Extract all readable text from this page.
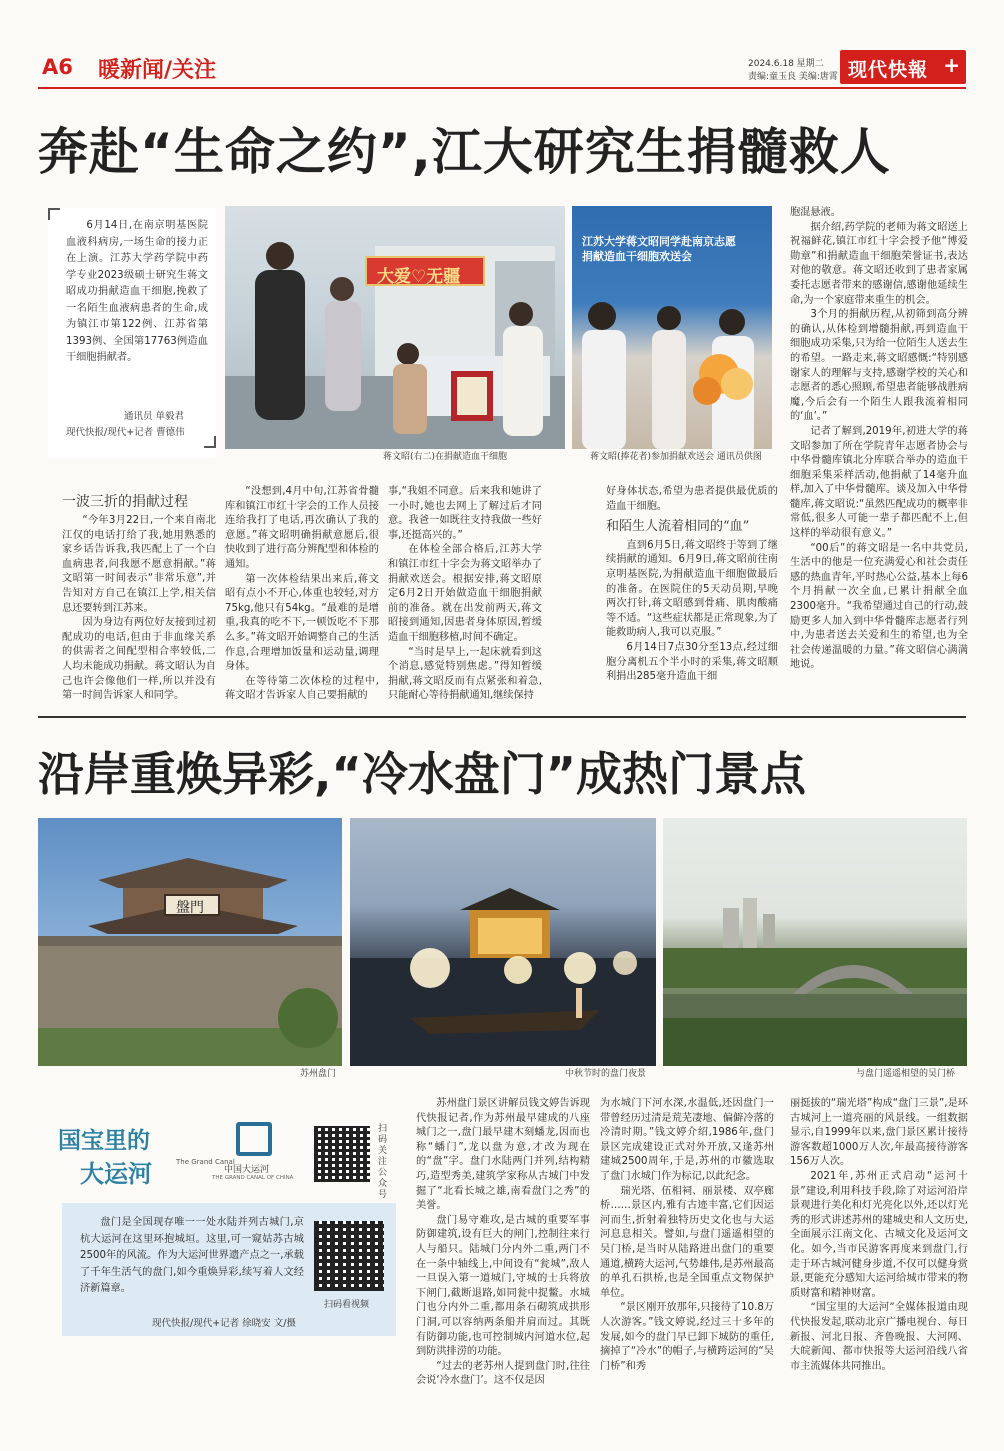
A6 暖新闻/关注	2024.6.18 星期二
责编:童玉良 美编:唐霄 现代快報 +
奔赴“生命之约”,江大研究生捐髓救人

6月14日,在南京明基医院血液科病房,一场生命的接力正在上演。江苏大学药学院中药学专业2023级硕士研究生蒋文昭成功捐献造血干细胞,挽救了一名陌生血液病患者的生命,成为镇江市第122例、江苏省第1393例、全国第17763例造血干细胞捐献者。

通讯员 单毅君
现代快报/现代+记者 曹德伟
大爱♡无疆
蒋文昭(右二)在捐献造血干细胞
江苏大学蒋文昭同学赴南京志愿
捐献造血干细胞欢送会
蒋文昭(捧花者)参加捐献欢送会 通讯员供图
一波三折的捐献过程

“今年3月22日,一个来自南北江仅的电话打给了我,她用熟悉的家乡话告诉我,我匹配上了一个白血病患者,问我愿不愿意捐献。”蒋文昭第一时间表示“非常乐意”,并告知对方自己在镇江上学,相关信息还要转到江苏来。

因为身边有两位好友接到过初配成功的电话,但由于非血缘关系的供需者之间配型相合率较低,二人均未能成功捐献。蒋文昭认为自己也许会像他们一样,所以并没有第一时间告诉家人和同学。

“没想到,4月中旬,江苏省骨髓库和镇江市红十字会的工作人员接连给我打了电话,再次确认了我的意愿。”蒋文昭明确捐献意愿后,很快收到了进行高分辨配型和体检的通知。

第一次体检结果出来后,蒋文昭有点小不开心,体重也较轻,对方75kg,他只有54kg。“最难的是增重,我真的吃不下,一顿饭吃不下那么多。”蒋文昭开始调整自己的生活作息,合理增加饭量和运动量,调理身体。

在等待第二次体检的过程中,蒋文昭才告诉家人自己要捐献的

事,“我姐不同意。后来我和她讲了一小时,她也去网上了解过后才同意。我爸一如既往支持我做一些好事,还挺高兴的。”

在体检全部合格后,江苏大学和镇江市红十字会为蒋文昭举办了捐献欢送会。根据安排,蒋文昭原定6月2日开始做造血干细胞捐献前的准备。就在出发前两天,蒋文昭接到通知,因患者身体原因,暂缓造血干细胞移植,时间不确定。

“当时是早上,一起床就看到这个消息,感觉特别焦虑。”得知暂缓捐献,蒋文昭反而有点紧张和着急,只能耐心等待捐献通知,继续保持

好身体状态,希望为患者提供最优质的造血干细胞。

和陌生人流着相同的“血”

直到6月5日,蒋文昭终于等到了继续捐献的通知。6月9日,蒋文昭前往南京明基医院,为捐献造血干细胞做最后的准备。在医院住的5天动员期,早晚两次打针,蒋文昭感到骨痛、肌肉酸痛等不适。“这些症状都是正常现象,为了能救助病人,我可以克服。”

6月14日7点30分至13点,经过细胞分离机五个半小时的采集,蒋文昭顺利捐出285毫升造血干细

胞混悬液。

据介绍,药学院的老师为蒋文昭送上祝福鲜花,镇江市红十字会授予他“博爱勋章”和捐献造血干细胞荣誉证书,表达对他的敬意。蒋文昭还收到了患者家属委托志愿者带来的感谢信,感谢他延续生命,为一个家庭带来重生的机会。

3个月的捐献历程,从初筛到高分辨的确认,从体检到增髓捐献,再到造血干细胞成功采集,只为给一位陌生人送去生的希望。一路走来,蒋文昭感慨:“特别感谢家人的理解与支持,感谢学校的关心和志愿者的悉心照顾,希望患者能够战胜病魔,今后会有一个陌生人跟我流着相同的‘血’。”

记者了解到,2019年,初进大学的蒋文昭参加了所在学院青年志愿者协会与中华骨髓库镇北分库联合举办的造血干细胞采集采样活动,他捐献了14毫升血样,加入了中华骨髓库。谈及加入中华骨髓库,蒋文昭说:“虽然匹配成功的概率非常低,很多人可能一辈子都匹配不上,但这样的举动很有意义。”

“00后”的蒋文昭是一名中共党员,生活中的他是一位充满爱心和社会责任感的热血青年,平时热心公益,基本上每6个月捐献一次全血,已累计捐献全血2300毫升。“我希望通过自己的行动,鼓励更多人加入到中华骨髓库志愿者行列中,为患者送去关爱和生的希望,也为全社会传递温暖的力量。”蒋文昭信心满满地说。

沿岸重焕异彩,“冷水盘门”成热门景点
盤門
苏州盘门	中秋节时的盘门夜景	与盘门遥遥相望的吴门桥
国宝里的
大运河	The Grand Canal
中国大运河
THE GRAND CANAL OF CHINA
扫码关注公众号

盘门是全国现存唯一一处水陆并列古城门,京杭大运河在这里环抱城垣。这里,可一窥姑苏古城2500年的风流。作为大运河世界遗产点之一,承载了千年生活气的盘门,如今重焕异彩,续写着人文经济新篇章。

扫码看视频
现代快报/现代+记者 徐晓安 文/摄

苏州盘门景区讲解员钱文婷告诉现代快报记者,作为苏州最早建成的八座城门之一,盘门最早建木刻蟠龙,因而也称“蟠门”,龙以盘为意,才改为现在的“盘”字。盘门水陆两门并列,结构精巧,造型秀美,建筑学家称从古城门中发掘了“北看长城之雄,南看盘门之秀”的美誉。

盘门易守难攻,是古城的重要军事防御建筑,设有巨大的闸门,控制往来行人与船只。陆城门分内外二重,两门不在一条中轴线上,中间设有“瓮城”,敌人一旦误入第一道城门,守城的士兵将放下闸门,截断退路,如同瓮中捉鳖。水城门也分内外二重,都用条石砌筑成拱形门洞,可以容纳两条船并肩而过。其既有防御功能,也可控制城内河道水位,起到防洪排涝的功能。

“过去的老苏州人提到盘门时,往往会说‘冷水盘门’。这不仅是因

为水城门下河水深,水温低,还因盘门一带曾经历过清是荒芜凄地、偏僻冷落的冷清时期。”钱文婷介绍,1986年,盘门景区完成建设正式对外开放,又逢苏州建城2500周年,于是,苏州的市徽选取了盘门水城门作为标记,以此纪念。

瑞光塔、伍相祠、丽景楼、双亭廊桥……景区内,雅有古迹丰富,它们因运河而生,折射着独特历史文化也与大运河息息相关。譬如,与盘门遥遥相望的吴门桥,是当时从陆路进出盘门的重要通道,横跨大运河,气势雄伟,是苏州最高的单孔石拱桥,也是全国重点文物保护单位。

“景区刚开放那年,只接待了10.8万人次游客。”钱文婷说,经过三十多年的发展,如今的盘门早已卸下城防的重任,摘掉了“冷水”的帽子,与横跨运河的“吴门桥”和秀

丽挺拔的“瑞光塔”构成“盘门三景”,是环古城河上一道亮丽的风景线。一组数据显示,自1999年以来,盘门景区累计接待游客数超1000万人次,年最高接待游客156万人次。

2021年,苏州正式启动“运河十景”建设,利用科技手段,除了对运河沿岸景观进行美化和灯光亮化以外,还以灯光秀的形式讲述苏州的建城史和人文历史,全面展示江南文化、古城文化及运河文化。如今,当市民游客再度来到盘门,行走于环古城河健身步道,不仅可以健身赏景,更能充分感知大运河给城市带来的物质财富和精神财富。

“国宝里的大运河”全媒体报道由现代快报发起,联动北京广播电视台、每日新报、河北日报、齐鲁晚报、大河网、大皖新闻、都市快报等大运河沿线八省市主流媒体共同推出。
